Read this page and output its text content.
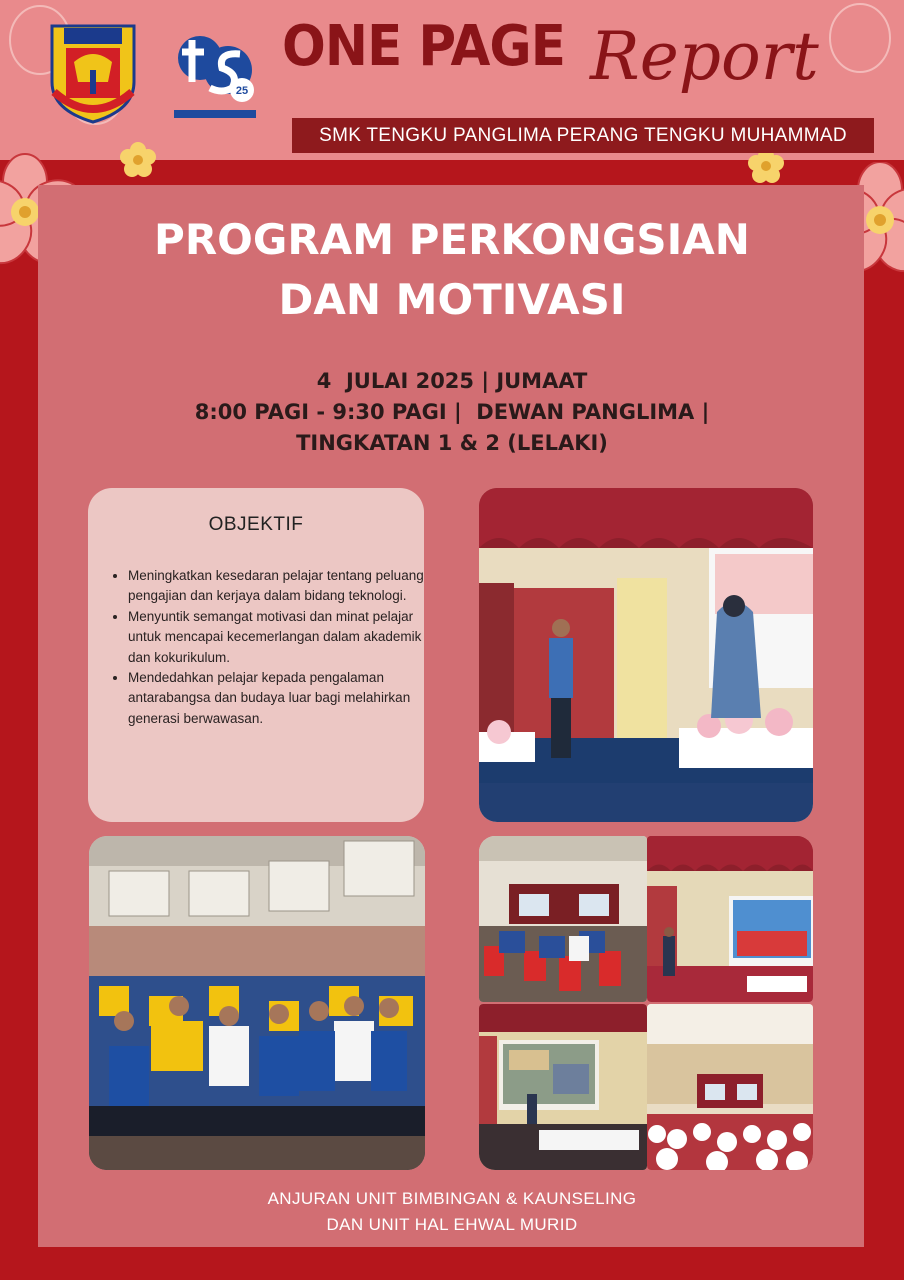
25
ONE PAGE Report
SMK TENGKU PANGLIMA PERANG TENGKU MUHAMMAD
PROGRAM PERKONGSIAN
DAN MOTIVASI
4  JULAI 2025 | JUMAAT
8:00 PAGI - 9:30 PAGI |  DEWAN PANGLIMA |
TINGKATAN 1 & 2 (LELAKI)
OBJEKTIF
• Meningkatkan kesedaran pelajar tentang peluang pengajian dan kerjaya dalam bidang teknologi.
• Menyuntik semangat motivasi dan minat pelajar untuk mencapai kecemerlangan dalam akademik dan kokurikulum.
• Mendedahkan pelajar kepada pengalaman antarabangsa dan budaya luar bagi melahirkan generasi berwawasan.
ANJURAN UNIT BIMBINGAN & KAUNSELING
DAN UNIT HAL EHWAL MURID
